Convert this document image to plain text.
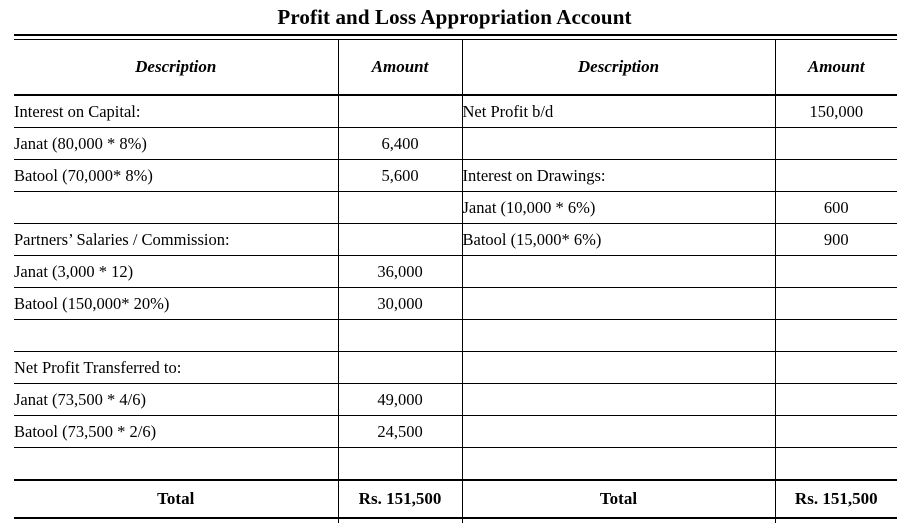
Profit and Loss Appropriation Account

Description	Amount	Description	Amount
Interest on Capital:		Net Profit b/d	150,000
Janat (80,000 * 8%)	6,400		
Batool (70,000* 8%)	5,600	Interest on Drawings:	
		Janat (10,000 * 6%)	600
Partners’ Salaries / Commission:		Batool (15,000* 6%)	900
Janat (3,000 * 12)	36,000		
Batool (150,000* 20%)	30,000		

Net Profit Transferred to:			
Janat (73,500 * 4/6)	49,000		
Batool (73,500 * 2/6)	24,500		

Total	Rs. 151,500	Total	Rs. 151,500
